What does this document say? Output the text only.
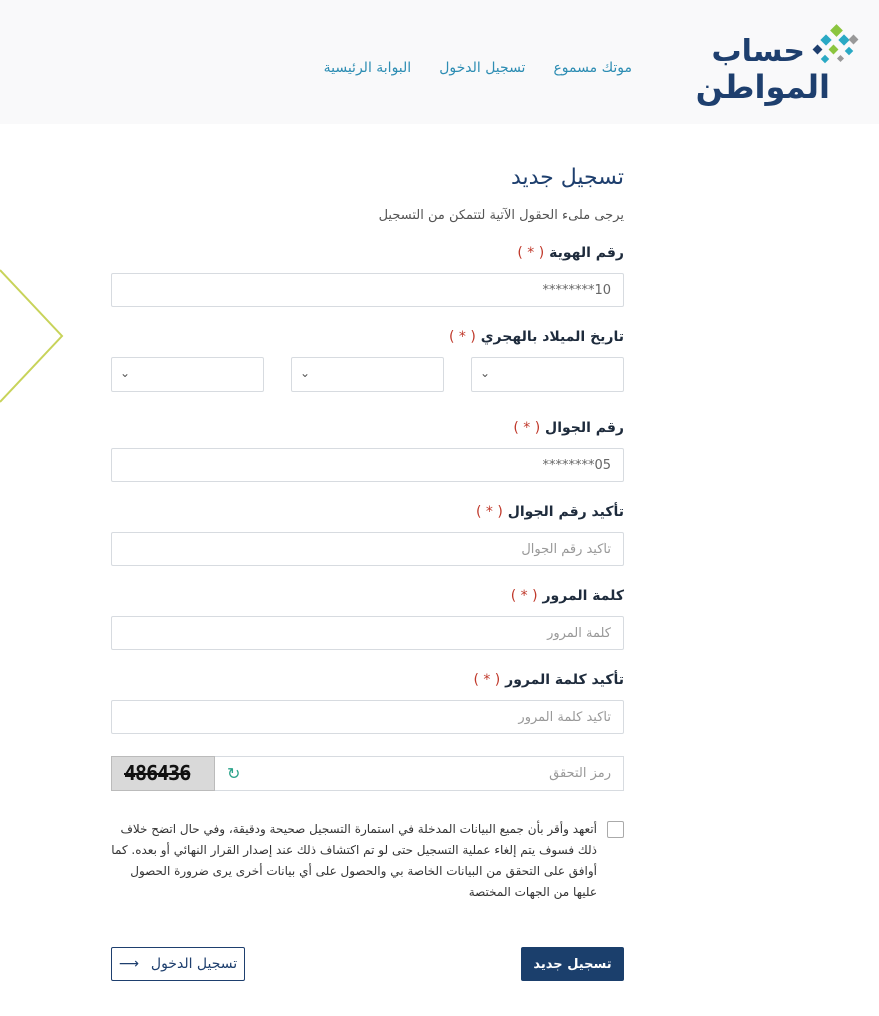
حساب
المواطن
البوابة الرئيسية تسجيل الدخول موتك مسموع
تسجيل جديد
يرجى ملىء الحقول الآتية لتتمكن من التسجيل
رقم الهوية ( * )
10********
تاريخ الميلاد بالهجري ( * )
⌄
⌄
⌄
رقم الجوال ( * )
05********
تأكيد رقم الجوال ( * )
تأكيد رقم الجوال
كلمة المرور ( * )
تأكيد كلمة المرور ( * )
486436 ↻
رمز التحقق
أتعهد وأقر بأن جميع البيانات المدخلة في استمارة التسجيل صحيحة ودقيقة، وفي حال اتضح خلاف ذلك فسوف يتم إلغاء عملية التسجيل حتى لو تم اكتشاف ذلك عند إصدار القرار النهائي أو بعده. كما أوافق على التحقق من البيانات الخاصة بي والحصول على أي بيانات أخرى يرى ضرورة الحصول عليها من الجهات المختصة
تسجيل جديد
تسجيل الدخول
⟶
